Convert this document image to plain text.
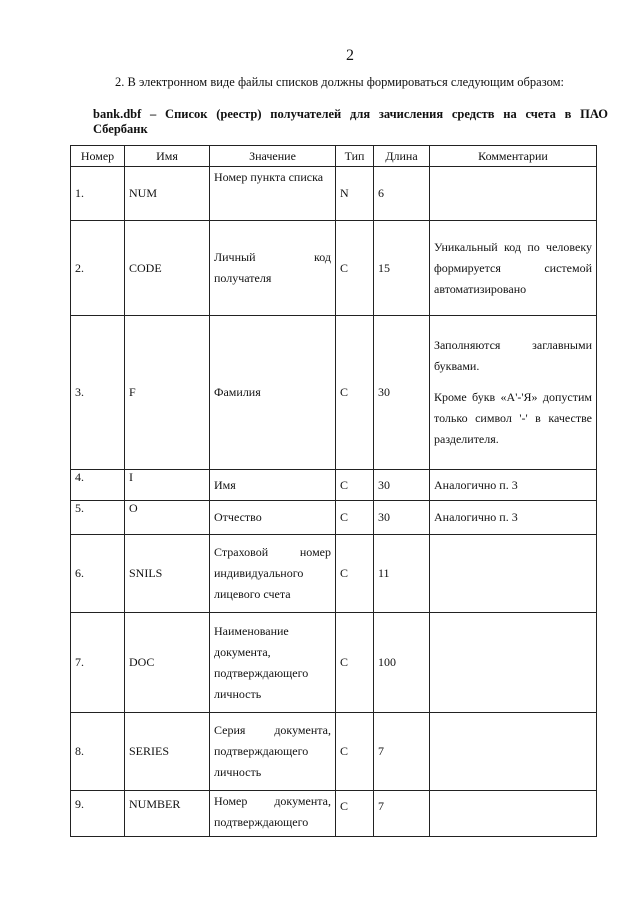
2
2. В электронном виде файлы списков должны формироваться следующим образом:
bank.dbf – Список (реестр) получателей для зачисления средств на счета в ПАО
Сбербанк
Номер	Имя	Значение	Тип	Длина	Комментарии
1.	NUM	Номер пункта списка	N	6	
2.	CODE	Личный код получателя	C	15	Уникальный код по человеку формируется системой автоматизировано
3.	F	Фамилия	C	30	Заполняются заглавными буквами.

Кроме букв «А'-'Я» допустим только символ '-' в качестве разделителя.

4.	I	Имя	C	30	Аналогично п. 3
5.	O	Отчество	C	30	Аналогично п. 3
6.	SNILS	Страховой номер индивидуального лицевого счета	C	11	
7.	DOC	Наименование документа, подтверждающего личность	C	100	
8.	SERIES	Серия документа, подтверждающего личность	C	7	
9.	NUMBER	Номер документа, подтверждающего	C	7	
